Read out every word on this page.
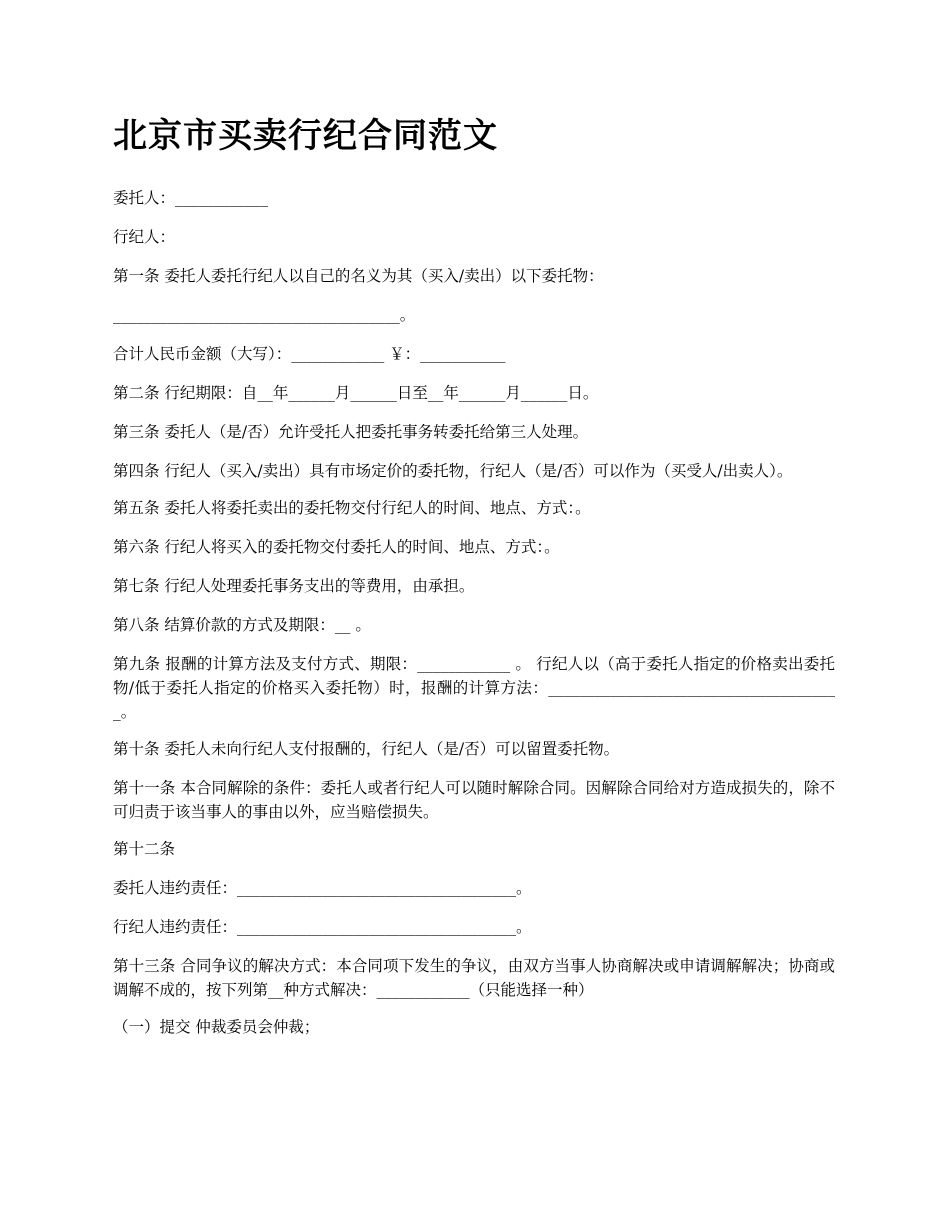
北京市买卖行纪合同范文

委托人：____________

行纪人：

第一条 委托人委托行纪人以自己的名义为其（买入/卖出）以下委托物：

_____________________________________。

合计人民币金额（大写）：____________ ￥：___________

第二条 行纪期限：自__年______月______日至__年______月______日。

第三条 委托人（是/否）允许受托人把委托事务转委托给第三人处理。

第四条 行纪人（买入/卖出）具有市场定价的委托物，行纪人（是/否）可以作为（买受人/出卖人）。

第五条 委托人将委托卖出的委托物交付行纪人的时间、地点、方式：。

第六条 行纪人将买入的委托物交付委托人的时间、地点、方式：。

第七条 行纪人处理委托事务支出的等费用，由承担。

第八条 结算价款的方式及期限：__ 。

第九条 报酬的计算方法及支付方式、期限：____________ 。 行纪人以（高于委托人指定的价格卖出委托物/低于委托人指定的价格买入委托物）时，报酬的计算方法：______________________________________。

第十条 委托人未向行纪人支付报酬的，行纪人（是/否）可以留置委托物。

第十一条 本合同解除的条件：委托人或者行纪人可以随时解除合同。因解除合同给对方造成损失的，除不可归责于该当事人的事由以外，应当赔偿损失。

第十二条

委托人违约责任：____________________________________。

行纪人违约责任：____________________________________。

第十三条 合同争议的解决方式：本合同项下发生的争议，由双方当事人协商解决或申请调解解决；协商或调解不成的，按下列第__种方式解决：____________（只能选择一种）

（一）提交 仲裁委员会仲裁；
